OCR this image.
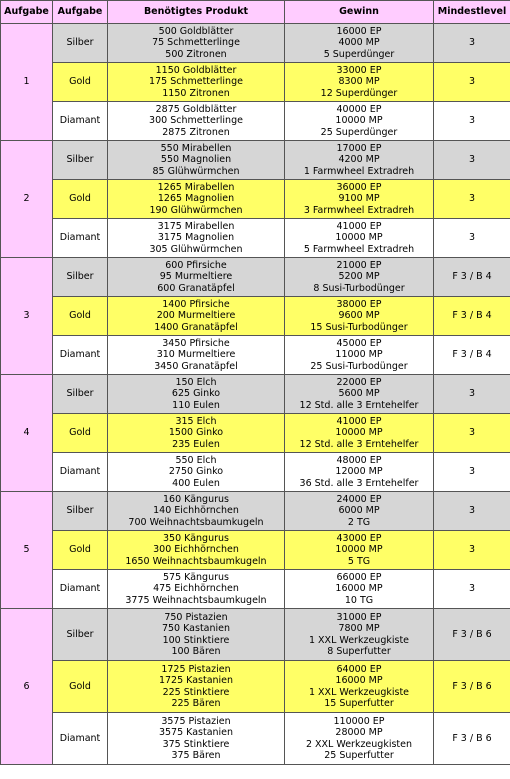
Aufgabe	Aufgabe	Benötigtes Produkt	Gewinn	Mindestlevel
1	Silber	500 Goldblätter
75 Schmetterlinge
500 Zitronen	16000 EP
4000 MP
5 Superdünger	3
	Gold	1150 Goldblätter
175 Schmetterlinge
1150 Zitronen	33000 EP
8300 MP
12 Superdünger	3
	Diamant	2875 Goldblätter
300 Schmetterlinge
2875 Zitronen	40000 EP
10000 MP
25 Superdünger	3
2	Silber	550 Mirabellen
550 Magnolien
85 Glühwürmchen	17000 EP
4200 MP
1 Farmwheel Extradreh	3
	Gold	1265 Mirabellen
1265 Magnolien
190 Glühwürmchen	36000 EP
9100 MP
3 Farmwheel Extradreh	3
	Diamant	3175 Mirabellen
3175 Magnolien
305 Glühwürmchen	41000 EP
10000 MP
5 Farmwheel Extradreh	3
3	Silber	600 Pfirsiche
95 Murmeltiere
600 Granatäpfel	21000 EP
5200 MP
8 Susi-Turbodünger	F 3 / B 4
	Gold	1400 Pfirsiche
200 Murmeltiere
1400 Granatäpfel	38000 EP
9600 MP
15 Susi-Turbodünger	F 3 / B 4
	Diamant	3450 Pfirsiche
310 Murmeltiere
3450 Granatäpfel	45000 EP
11000 MP
25 Susi-Turbodünger	F 3 / B 4
4	Silber	150 Elch
625 Ginko
110 Eulen	22000 EP
5600 MP
12 Std. alle 3 Erntehelfer	3
	Gold	315 Elch
1500 Ginko
235 Eulen	41000 EP
10000 MP
12 Std. alle 3 Erntehelfer	3
	Diamant	550 Elch
2750 Ginko
400 Eulen	48000 EP
12000 MP
36 Std. alle 3 Erntehelfer	3
5	Silber	160 Kängurus
140 Eichhörnchen
700 Weihnachtsbaumkugeln	24000 EP
6000 MP
2 TG	3
	Gold	350 Kängurus
300 Eichhörnchen
1650 Weihnachtsbaumkugeln	43000 EP
10000 MP
5 TG	3
	Diamant	575 Kängurus
475 Eichhörnchen
3775 Weihnachtsbaumkugeln	66000 EP
16000 MP
10 TG	3
6	Silber	750 Pistazien
750 Kastanien
100 Stinktiere
100 Bären	31000 EP
7800 MP
1 XXL Werkzeugkiste
8 Superfutter	F 3 / B 6
	Gold	1725 Pistazien
1725 Kastanien
225 Stinktiere
225 Bären	64000 EP
16000 MP
1 XXL Werkzeugkiste
15 Superfutter	F 3 / B 6
	Diamant	3575 Pistazien
3575 Kastanien
375 Stinktiere
375 Bären	110000 EP
28000 MP
2 XXL Werkzeugkisten
25 Superfutter	F 3 / B 6
